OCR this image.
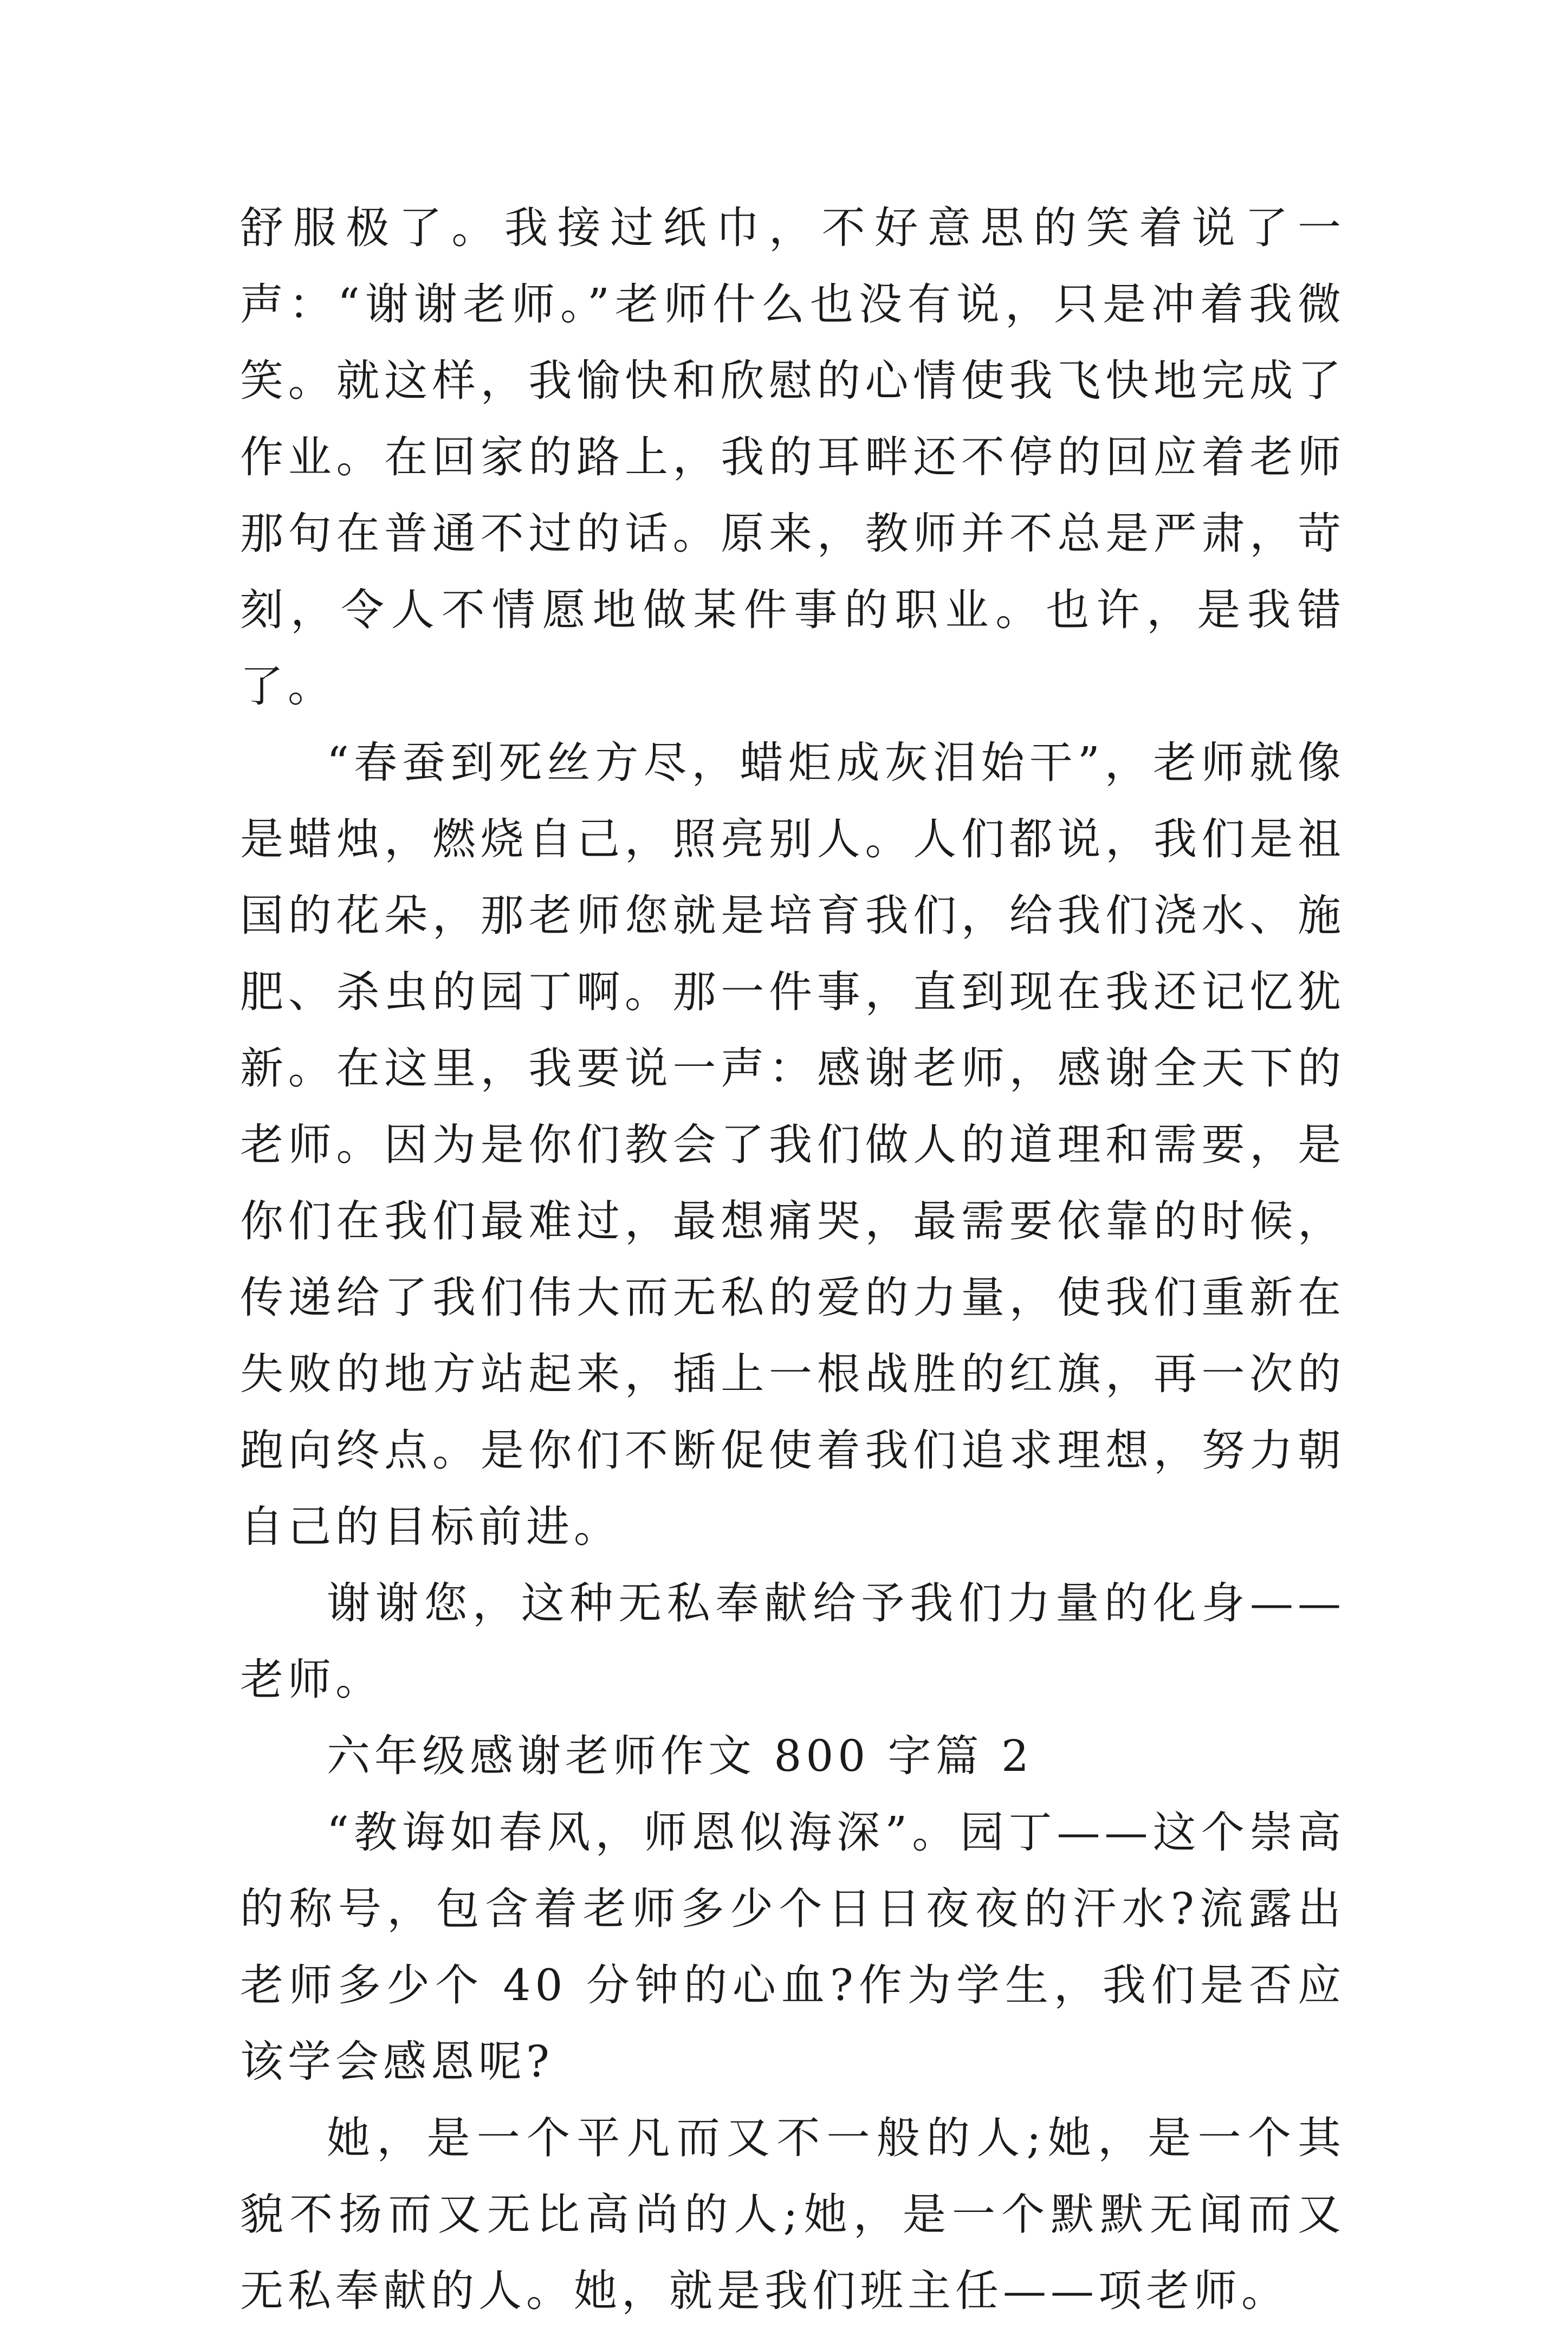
舒服极了。我接过纸巾，不好意思的笑着说了一声：“谢谢老师。”老师什么也没有说，只是冲着我微笑。就这样，我愉快和欣慰的心情使我飞快地完成了作业。在回家的路上，我的耳畔还不停的回应着老师那句在普通不过的话。原来，教师并不总是严肃，苛刻，令人不情愿地做某件事的职业。也许，是我错了。

“春蚕到死丝方尽，蜡炬成灰泪始干”，老师就像是蜡烛，燃烧自己，照亮别人。人们都说，我们是祖国的花朵，那老师您就是培育我们，给我们浇水、施肥、杀虫的园丁啊。那一件事，直到现在我还记忆犹新。在这里，我要说一声：感谢老师，感谢全天下的老师。因为是你们教会了我们做人的道理和需要，是你们在我们最难过，最想痛哭，最需要依靠的时候，传递给了我们伟大而无私的爱的力量，使我们重新在失败的地方站起来，插上一根战胜的红旗，再一次的跑向终点。是你们不断促使着我们追求理想，努力朝自己的目标前进。

谢谢您，这种无私奉献给予我们力量的化身——老师。

六年级感谢老师作文 800 字篇 2

“教诲如春风，师恩似海深”。园丁——这个崇高的称号，包含着老师多少个日日夜夜的汗水?流露出老师多少个 40 分钟的心血?作为学生，我们是否应该学会感恩呢?

她，是一个平凡而又不一般的人;她，是一个其貌不扬而又无比高尚的人;她，是一个默默无闻而又无私奉献的人。她，就是我们班主任——项老师。
